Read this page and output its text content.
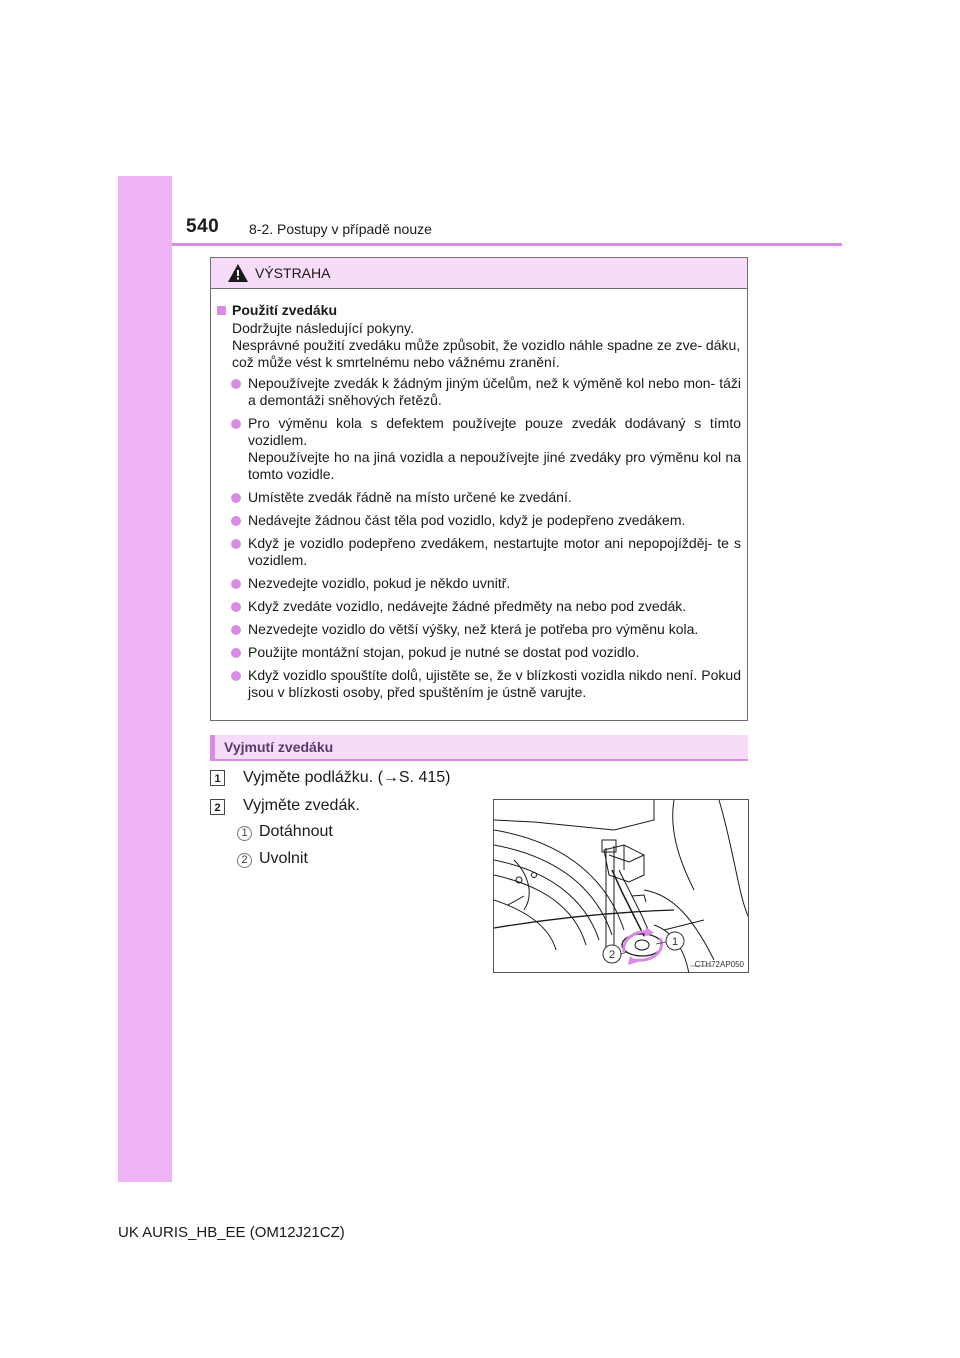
540 8-2. Postupy v případě nouze
VÝSTRAHA
Použití zvedáku
Dodržujte následující pokyny.
Nesprávné použití zvedáku může způsobit, že vozidlo náhle spadne ze zve- dáku, což může vést k smrtelnému nebo vážnému zranění.
Nepoužívejte zvedák k žádným jiným účelům, než k výměně kol nebo mon- táži a demontáži sněhových řetězů.
Pro výměnu kola s defektem používejte pouze zvedák dodávaný s tímto vozidlem.
Nepoužívejte ho na jiná vozidla a nepoužívejte jiné zvedáky pro výměnu kol na tomto vozidle.
Umístěte zvedák řádně na místo určené ke zvedání.
Nedávejte žádnou část těla pod vozidlo, když je podepřeno zvedákem.
Když je vozidlo podepřeno zvedákem, nestartujte motor ani nepopojížděj- te s vozidlem.
Nezvedejte vozidlo, pokud je někdo uvnitř.
Když zvedáte vozidlo, nedávejte žádné předměty na nebo pod zvedák.
Nezvedejte vozidlo do větší výšky, než která je potřeba pro výměnu kola.
Použijte montážní stojan, pokud je nutné se dostat pod vozidlo.
Když vozidlo spouštíte dolů, ujistěte se, že v blízkosti vozidla nikdo není. Pokud jsou v blízkosti osoby, před spuštěním je ústně varujte.
Vyjmutí zvedáku
1 Vyjměte podlážku. (→S. 415)
2 Vyjměte zvedák.
1 Dotáhnout
2 Uvolnit
1
2
CTH72AP050
UK AURIS_HB_EE (OM12J21CZ)
